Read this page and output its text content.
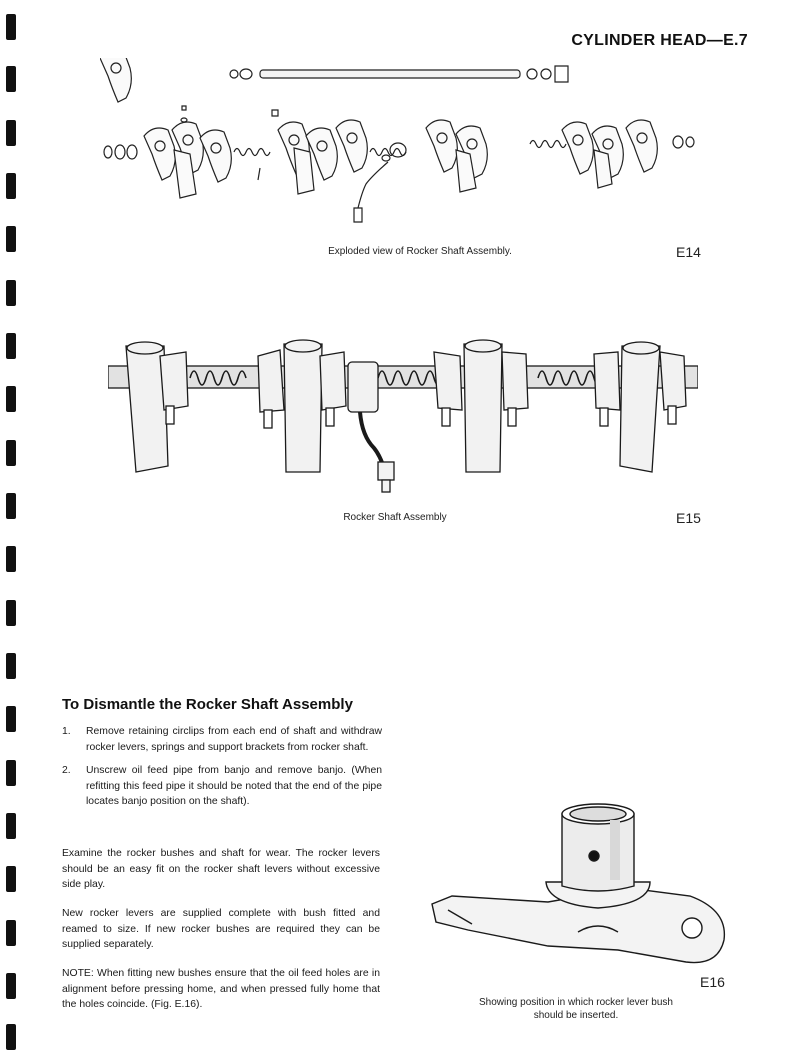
CYLINDER HEAD—E.7
Exploded view of Rocker Shaft Assembly.	E14
Rocker Shaft Assembly	E15
To Dismantle the Rocker Shaft Assembly
1.	Remove retaining circlips from each end of shaft and withdraw rocker levers, springs and support brackets from rocker shaft.
2.	Unscrew oil feed pipe from banjo and remove banjo. (When refitting this feed pipe it should be noted that the end of the pipe locates banjo position on the shaft).
Examine the rocker bushes and shaft for wear. The rocker levers should be an easy fit on the rocker shaft levers without excessive side play.
New rocker levers are supplied complete with bush fitted and reamed to size. If new rocker bushes are required they can be supplied separately.
NOTE: When fitting new bushes ensure that the oil feed holes are in alignment before pressing home, and when pressed fully home that the holes coincide. (Fig. E.16).
E16
Showing position in which rocker lever bush
should be inserted.
